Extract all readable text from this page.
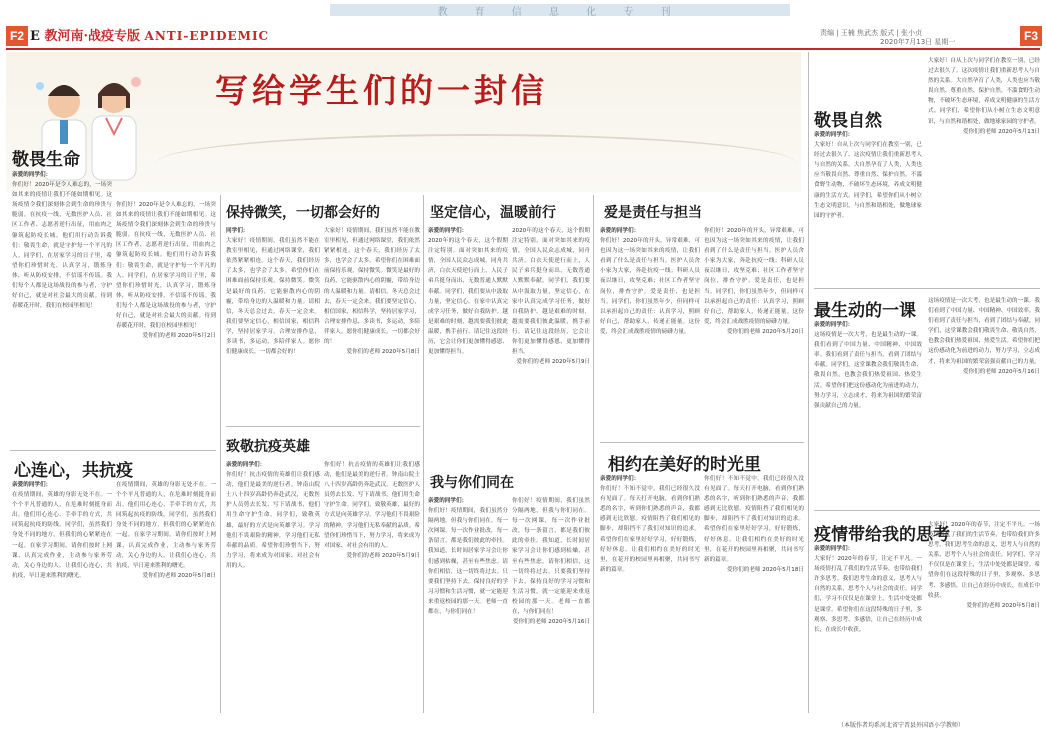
教 育 信 息 化 专 刊
F2	F3
E 教河南·战疫专版 ANTI-EPIDEMIC	责编 | 王楠 焦武杰 版式 | 张小贞
2020年7月13日 星期一
写给学生们的一封信
敬畏生命
亲爱的同学们：
你们好！2020年是令人难忘的，一场突如其来的疫情让我们不能如期相见。这场疫情令我们深刻体会到生命的珍贵与脆弱。在抗疫一线，无数医护人员、社区工作者、志愿者逆行出征，用血肉之躯筑起防疫长城。他们用行动告诉我们：敬畏生命，就是守护每一个平凡的人。同学们，在居家学习的日子里，希望你们珍惜时光，认真学习，锻炼身体，听从防疫安排，不信谣不传谣。我们每个人都是这场战役的参与者，守护好自己，就是对社会最大的贡献。待到春暖花开时，我们在校园里相见！
你们好！2020年是令人难忘的，一场突如其来的疫情让我们不能如期相见。这场疫情令我们深刻体会到生命的珍贵与脆弱。在抗疫一线，无数医护人员、社区工作者、志愿者逆行出征，用血肉之躯筑起防疫长城。他们用行动告诉我们：敬畏生命，就是守护每一个平凡的人。同学们，在居家学习的日子里，希望你们珍惜时光，认真学习，锻炼身体，听从防疫安排，不信谣不传谣。我们每个人都是这场战役的参与者，守护好自己，就是对社会最大的贡献。待到春暖花开时，我们在校园里相见！
爱你们的老师 2020年5月2日
心连心，共抗疫
亲爱的同学们：
在疫情期间，英雄的身影无处不在。一个个平凡普通的人，在危难时刻挺身而出。他们用心连心、手牵手的方式，共同筑起抗疫的防线。同学们，虽然我们身处不同的地方，但我们的心紧紧连在一起。在家学习期间，请你们按时上网课，认真完成作业，主动参与家务劳动，关心身边的人。让我们心连心，共抗疫，早日迎来胜利的曙光。
在疫情期间，英雄的身影无处不在。一个个平凡普通的人，在危难时刻挺身而出。他们用心连心、手牵手的方式，共同筑起抗疫的防线。同学们，虽然我们身处不同的地方，但我们的心紧紧连在一起。在家学习期间，请你们按时上网课，认真完成作业，主动参与家务劳动，关心身边的人。让我们心连心，共抗疫，早日迎来胜利的曙光。
爱你们的老师 2020年5月8日
保持微笑，一切都会好的
同学们：
大家好！疫情期间，我们虽然不能在教室里相见，但通过网络课堂，我们依然紧紧相连。这个春天，我们经历了太多，也学会了太多。希望你们在困难面前保持乐观，保持微笑。微笑是最好的良药，它能驱散内心的阴霾，带给身边的人温暖和力量。请相信，冬天总会过去，春天一定会来。我们要坚定信心，相信国家，相信科学，坚持居家学习，合理安排作息，多读书，多运动，多陪伴家人。愿你们健康成长，一切都会好的！
大家好！疫情期间，我们虽然不能在教室里相见，但通过网络课堂，我们依然紧紧相连。这个春天，我们经历了太多，也学会了太多。希望你们在困难面前保持乐观，保持微笑。微笑是最好的良药，它能驱散内心的阴霾，带给身边的人温暖和力量。请相信，冬天总会过去，春天一定会来。我们要坚定信心，相信国家，相信科学，坚持居家学习，合理安排作息，多读书，多运动，多陪伴家人。愿你们健康成长，一切都会好的！
爱你们的老师 2020年5月8日
致敬抗疫英雄
亲爱的同学们：
你们好！抗击疫情的英雄们让我们感动，他们是最美的逆行者。钟南山院士八十四岁高龄仍奔赴武汉，无数医护人员剪去长发、写下请战书，他们用生命守护生命。同学们，致敬英雄，最好的方式是向英雄学习。学习他们不畏艰险的精神，学习他们无私奉献的品质。希望你们珍惜当下，努力学习，将来成为对国家、对社会有用的人。
你们好！抗击疫情的英雄们让我们感动，他们是最美的逆行者。钟南山院士八十四岁高龄仍奔赴武汉，无数医护人员剪去长发、写下请战书，他们用生命守护生命。同学们，致敬英雄，最好的方式是向英雄学习。学习他们不畏艰险的精神，学习他们无私奉献的品质。希望你们珍惜当下，努力学习，将来成为对国家、对社会有用的人。
爱你们的老师 2020年5月9日
坚定信心，温暖前行
亲爱的同学们：
2020年的这个春天，这个假期注定特别。面对突如其来的疫情，全国人民众志成城，同舟共济，白衣天使逆行而上，人民子弟兵挺身而出，无数普通人默默奉献。同学们，我们要从中汲取力量，坚定信心，在家中认真完成学习任务，做好自我防护。越是艰难的时刻，越需要我们彼此温暖，携手前行。请记住这段经历，它会让你们更加懂得感恩、更加懂得担当。
2020年的这个春天，这个假期注定特别。面对突如其来的疫情，全国人民众志成城，同舟共济，白衣天使逆行而上，人民子弟兵挺身而出，无数普通人默默奉献。同学们，我们要从中汲取力量，坚定信心，在家中认真完成学习任务，做好自我防护。越是艰难的时刻，越需要我们彼此温暖，携手前行。请记住这段经历，它会让你们更加懂得感恩、更加懂得担当。
爱你们的老师 2020年5月9日
我与你们同在
亲爱的同学们：
你们好！疫情期间，我们虽然分隔两地，但我与你们同在。每一次网课，每一次作业批改，每一条留言，都是我们彼此的牵挂。我知道，长时间居家学习会让你们感到枯燥，甚至有些焦虑。请你们相信，这一切终将过去。只要我们坚持下去，保持良好的学习习惯和生活习惯，就一定能迎来重返校园的那一天。老师一直都在，与你们同在！
你们好！疫情期间，我们虽然分隔两地，但我与你们同在。每一次网课，每一次作业批改，每一条留言，都是我们彼此的牵挂。我知道，长时间居家学习会让你们感到枯燥，甚至有些焦虑。请你们相信，这一切终将过去。只要我们坚持下去，保持良好的学习习惯和生活习惯，就一定能迎来重返校园的那一天。老师一直都在，与你们同在！
爱你们的老师 2020年5月16日
爱是责任与担当
亲爱的同学们：
你们好！2020年的开头，异常艰难，可也因为这一场突如其来的疫情，让我们看到了什么是责任与担当。医护人员舍小家为大家，奔赴抗疫一线；科研人员夜以继日，攻坚克难；社区工作者坚守岗位，排查守护。爱是责任，也是担当。同学们，你们虽然年少，但同样可以承担起自己的责任：认真学习，照顾好自己，帮助家人，传递正能量。这份爱，终会汇成战胜疫情的磅礴力量。
你们好！2020年的开头，异常艰难，可也因为这一场突如其来的疫情，让我们看到了什么是责任与担当。医护人员舍小家为大家，奔赴抗疫一线；科研人员夜以继日，攻坚克难；社区工作者坚守岗位，排查守护。爱是责任，也是担当。同学们，你们虽然年少，但同样可以承担起自己的责任：认真学习，照顾好自己，帮助家人，传递正能量。这份爱，终会汇成战胜疫情的磅礴力量。
爱你们的老师 2020年5月20日
相约在美好的时光里
亲爱的同学们：
你们好！不知不觉中，我们已经很久没有见面了。每天打开电脑，看到你们熟悉的名字，听到你们熟悉的声音，我都感到无比欣慰。疫情阻挡了我们相见的脚步，却阻挡不了我们对知识的追求。希望你们在家里好好学习，好好锻炼，好好休息。让我们相约在美好的时光里，在花开的校园里再相聚，共同书写新的篇章。
你们好！不知不觉中，我们已经很久没有见面了。每天打开电脑，看到你们熟悉的名字，听到你们熟悉的声音，我都感到无比欣慰。疫情阻挡了我们相见的脚步，却阻挡不了我们对知识的追求。希望你们在家里好好学习，好好锻炼，好好休息。让我们相约在美好的时光里，在花开的校园里再相聚，共同书写新的篇章。
爱你们的老师 2020年5月18日
敬畏自然
亲爱的同学们：
大家好！自从上次与同学们在教室一别，已经过去很久了。这次疫情让我们重新思考人与自然的关系。大自然孕育了人类，人类也应当敬畏自然、尊重自然、保护自然。不滥食野生动物，不破坏生态环境，养成文明健康的生活方式。同学们，希望你们从小树立生态文明意识，与自然和谐相处，做地球家园的守护者。
大家好！自从上次与同学们在教室一别，已经过去很久了。这次疫情让我们重新思考人与自然的关系。大自然孕育了人类，人类也应当敬畏自然、尊重自然、保护自然。不滥食野生动物，不破坏生态环境，养成文明健康的生活方式。同学们，希望你们从小树立生态文明意识，与自然和谐相处，做地球家园的守护者。
爱你们的老师 2020年5月13日
最生动的一课
亲爱的同学们：
这场疫情是一次大考，也是最生动的一课。我们看到了中国力量、中国精神、中国效率。我们看到了责任与担当，看到了团结与奉献。同学们，这堂课教会我们敬畏生命、敬畏自然，也教会我们热爱祖国、热爱生活。希望你们把这份感动化为前进的动力，努力学习，立志成才，将来为祖国的繁荣富强贡献自己的力量。
这场疫情是一次大考，也是最生动的一课。我们看到了中国力量、中国精神、中国效率。我们看到了责任与担当，看到了团结与奉献。同学们，这堂课教会我们敬畏生命、敬畏自然，也教会我们热爱祖国、热爱生活。希望你们把这份感动化为前进的动力，努力学习，立志成才，将来为祖国的繁荣富强贡献自己的力量。
爱你们的老师 2020年5月16日
疫情带给我的思考
亲爱的同学们：
大家好！2020年的春节，注定不平凡。一场疫情打乱了我们的生活节奏，也带给我们许多思考。我们思考生命的意义，思考人与自然的关系，思考个人与社会的责任。同学们，学习不仅仅是在课堂上，生活中处处都是课堂。希望你们在这段特殊的日子里，多观察、多思考、多感悟，让自己在经历中成长，在成长中收获。
大家好！2020年的春节，注定不平凡。一场疫情打乱了我们的生活节奏，也带给我们许多思考。我们思考生命的意义，思考人与自然的关系，思考个人与社会的责任。同学们，学习不仅仅是在课堂上，生活中处处都是课堂。希望你们在这段特殊的日子里，多观察、多思考、多感悟，让自己在经历中成长，在成长中收获。
爱你们的老师 2020年5月8日
（本版作者均系河北省宁晋县外国语小学教师）
